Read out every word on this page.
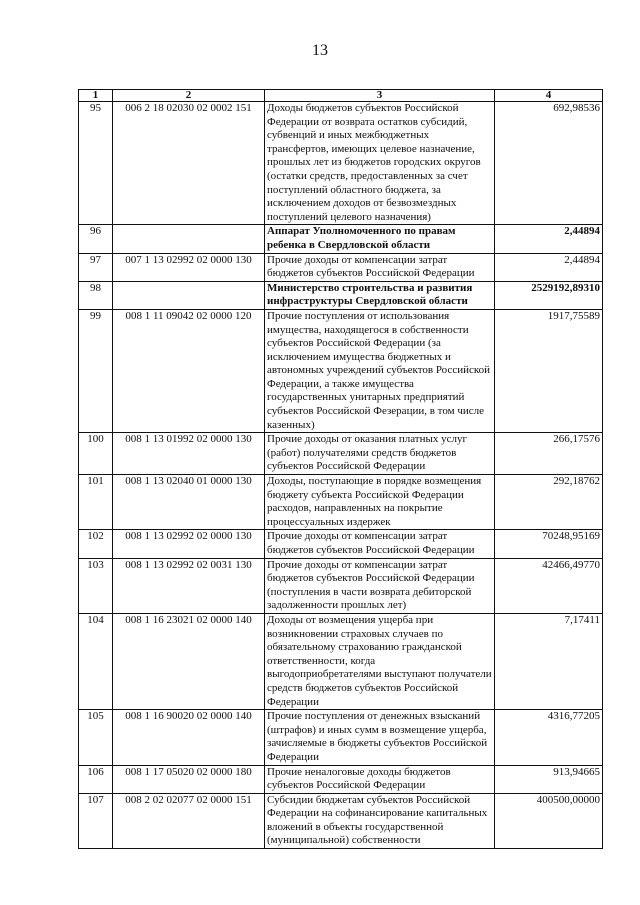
13
1	2	3	4
95	006 2 18 02030 02 0002 151	Доходы бюджетов субъектов Российской Федерации от возврата остатков субсидий, субвенций и иных межбюджетных трансфертов, имеющих целевое назначение, прошлых лет из бюджетов городских округов (остатки средств, предоставленных за счет поступлений областного бюджета, за исключением доходов от безвозмездных поступлений целевого назначения)	692,98536
96		Аппарат Уполномоченного по правам ребенка в Свердловской области	2,44894
97	007 1 13 02992 02 0000 130	Прочие доходы от компенсации затрат бюджетов субъектов Российской Федерации	2,44894
98		Министерство строительства и развития инфраструктуры Свердловской области	2529192,89310
99	008 1 11 09042 02 0000 120	Прочие поступления от использования имущества, находящегося в собственности субъектов Российской Федерации (за исключением имущества бюджетных и автономных учреждений субъектов Российской Федерации, а также имущества государственных унитарных предприятий субъектов Российской Фезерации, в том числе казенных)	1917,75589
100	008 1 13 01992 02 0000 130	Прочие доходы от оказания платных услуг (работ) получателями средств бюджетов субъектов Российской Федерации	266,17576
101	008 1 13 02040 01 0000 130	Доходы, поступающие в порядке возмещения бюджету субъекта Российской Федерации расходов, направленных на покрытие процессуальных издержек	292,18762
102	008 1 13 02992 02 0000 130	Прочие доходы от компенсации затрат бюджетов субъектов Российской Федерации	70248,95169
103	008 1 13 02992 02 0031 130	Прочие доходы от компенсации затрат бюджетов субъектов Российской Федерации (поступления в части возврата дебиторской задолженности прошлых лет)	42466,49770
104	008 1 16 23021 02 0000 140	Доходы от возмещения ущерба при возникновении страховых случаев по обязательному страхованию гражданской ответственности, когда выгодоприобретателями выступают получатели средств бюджетов субъектов Российской Федерации	7,17411
105	008 1 16 90020 02 0000 140	Прочие поступления от денежных взысканий (штрафов) и иных сумм в возмещение ущерба, зачисляемые в бюджеты субъектов Российской Федерации	4316,77205
106	008 1 17 05020 02 0000 180	Прочие неналоговые доходы бюджетов субъектов Российской Федерации	913,94665
107	008 2 02 02077 02 0000 151	Субсидии бюджетам субъектов Российской Федерации на софинансирование капитальных вложений в объекты государственной (муниципальной) собственности	400500,00000
